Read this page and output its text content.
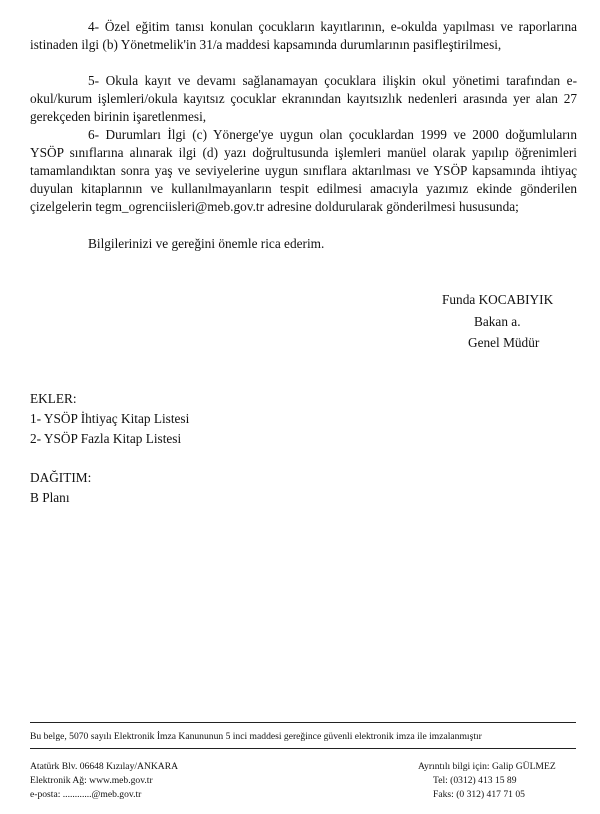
4- Özel eğitim tanısı konulan çocukların kayıtlarının, e-okulda yapılması ve raporlarına istinaden ilgi (b) Yönetmelik'in 31/a maddesi kapsamında durumlarının pasifleştirilmesi,
5- Okula kayıt ve devamı sağlanamayan çocuklara ilişkin okul yönetimi tarafından e-okul/kurum işlemleri/okula kayıtsız çocuklar ekranından kayıtsızlık nedenleri arasında yer alan 27 gerekçeden birinin işaretlenmesi,
6- Durumları İlgi (c) Yönerge'ye uygun olan çocuklardan 1999 ve 2000 doğumluların YSÖP sınıflarına alınarak ilgi (d) yazı doğrultusunda işlemleri manüel olarak yapılıp öğrenimleri tamamlandıktan sonra yaş ve seviyelerine uygun sınıflara aktarılması ve YSÖP kapsamında ihtiyaç duyulan kitaplarının ve kullanılmayanların tespit edilmesi amacıyla yazımız ekinde gönderilen çizelgelerin tegm_ogrenciisleri@meb.gov.tr adresine doldurularak gönderilmesi hususunda;
Bilgilerinizi ve gereğini önemle rica ederim.
Funda KOCABIYIK
Bakan a.
Genel Müdür
EKLER:
1- YSÖP İhtiyaç Kitap Listesi
2- YSÖP Fazla Kitap Listesi
DAĞITIM:
B Planı
Bu belge, 5070 sayılı Elektronik İmza Kanununun 5 inci maddesi gereğince güvenli elektronik imza ile imzalanmıştır
Atatürk Blv. 06648 Kızılay/ANKARA
Elektronik Ağ: www.meb.gov.tr
e-posta: ............@meb.gov.tr
Ayrıntılı bilgi için: Galip GÜLMEZ
Tel: (0312) 413 15 89
Faks: (0 312) 417 71 05
